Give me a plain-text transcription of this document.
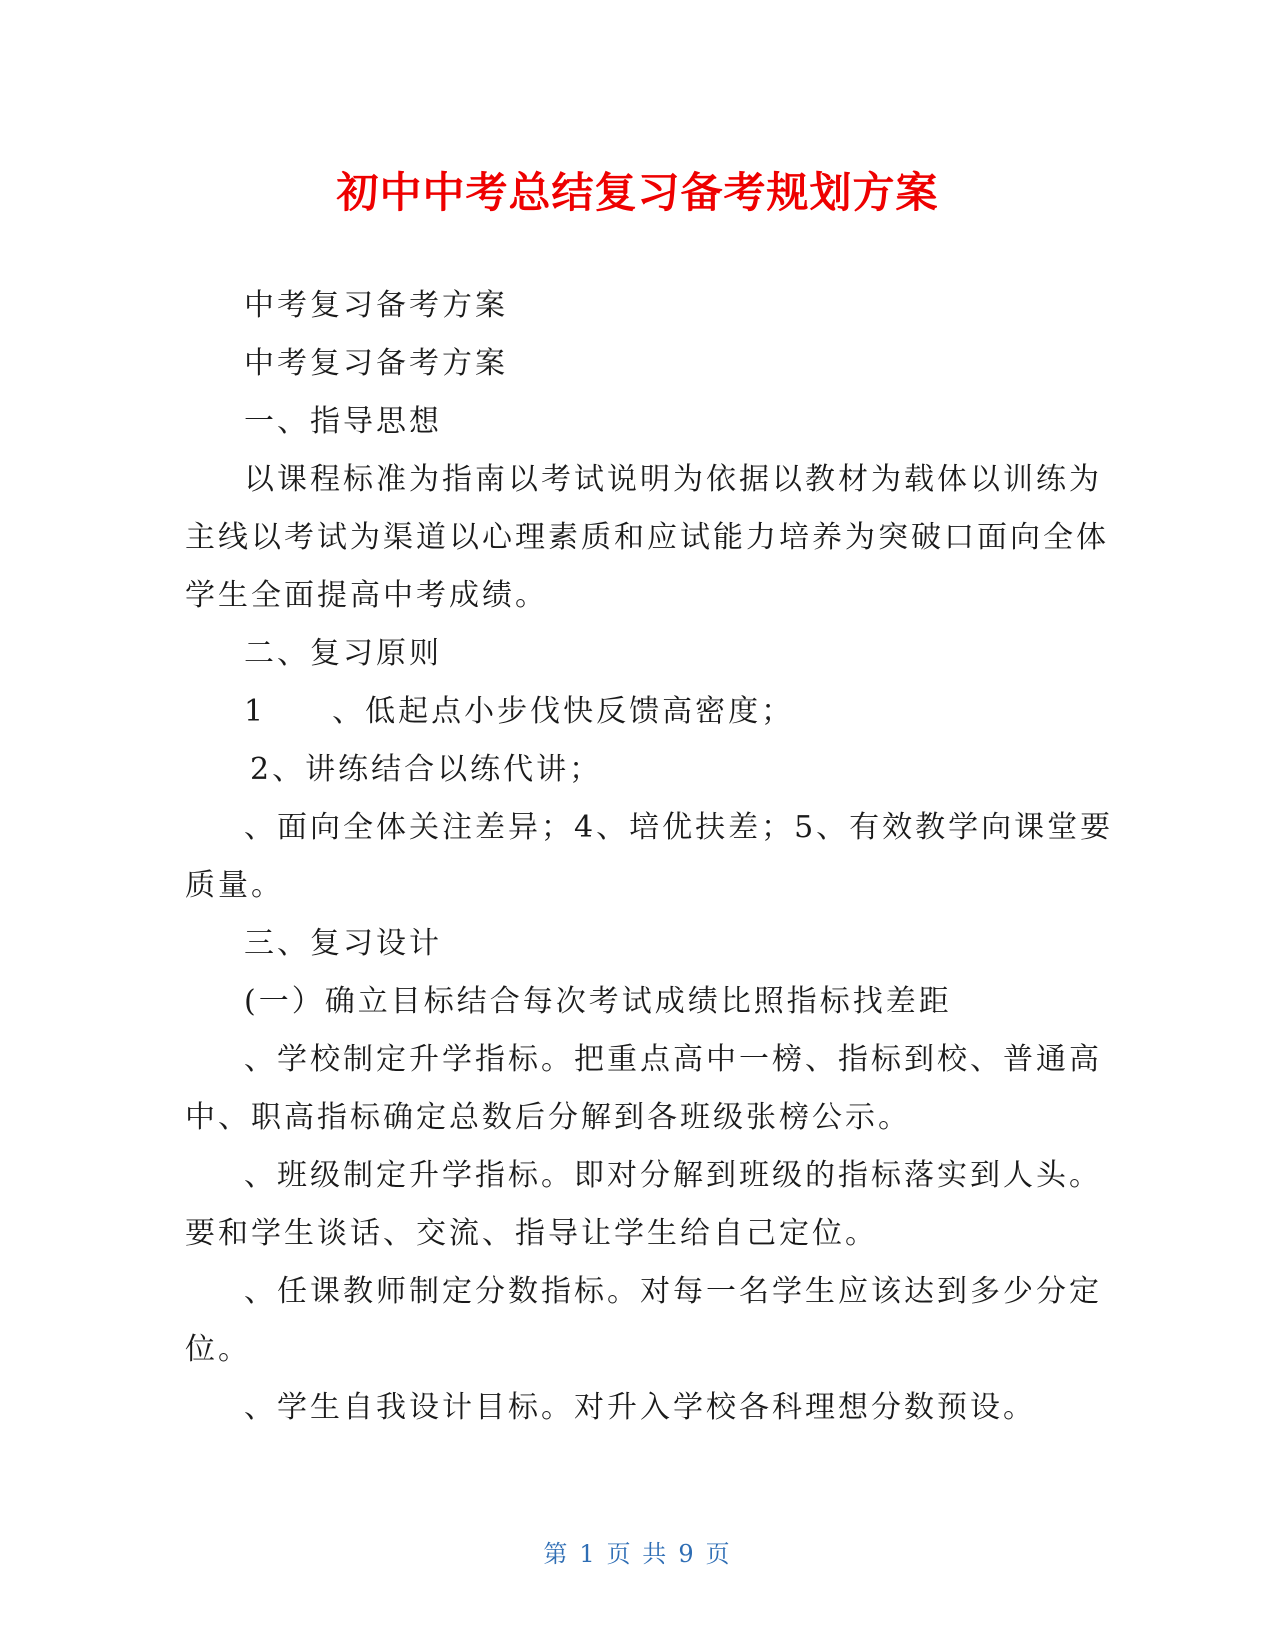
初中中考总结复习备考规划方案

中考复习备考方案

中考复习备考方案

一、指导思想

以课程标准为指南以考试说明为依据以教材为载体以训练为

主线以考试为渠道以心理素质和应试能力培养为突破口面向全体

学生全面提高中考成绩。

二、复习原则

1 、低起点小步伐快反馈高密度；

2、讲练结合以练代讲；

、面向全体关注差异；4、培优扶差；5、有效教学向课堂要

质量。

三、复习设计

(一）确立目标结合每次考试成绩比照指标找差距

、学校制定升学指标。把重点高中一榜、指标到校、普通高

中、职高指标确定总数后分解到各班级张榜公示。

、班级制定升学指标。即对分解到班级的指标落实到人头。

要和学生谈话、交流、指导让学生给自己定位。

、任课教师制定分数指标。对每一名学生应该达到多少分定

位。

、学生自我设计目标。对升入学校各科理想分数预设。

第 1 页 共 9 页
